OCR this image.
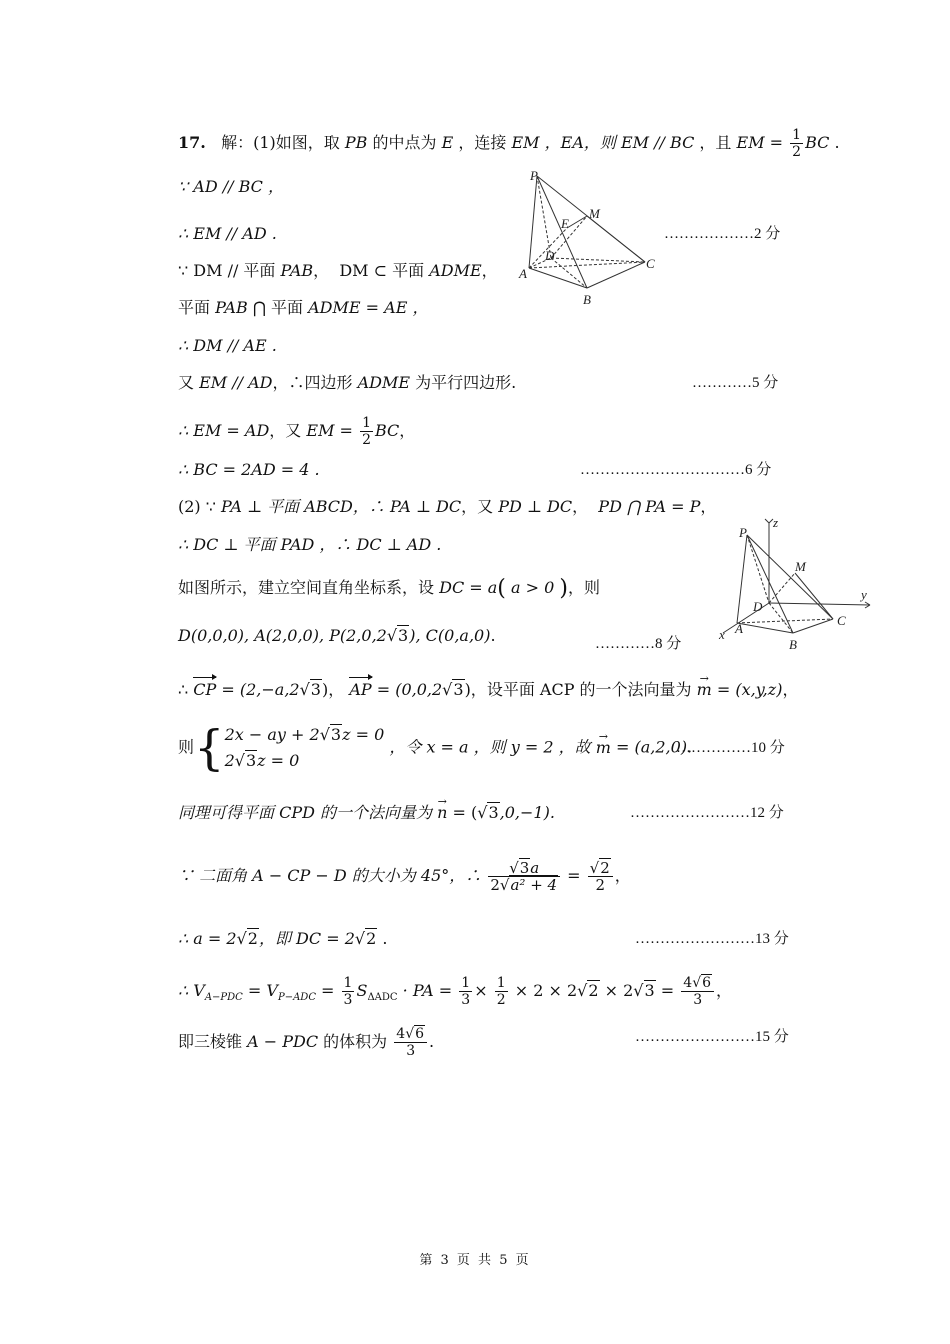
17. 解：(1)如图，取 PB 的中点为 E ，连接 EM ，EA，则 EM // BC ，且 EM = $\frac{1}{2}$ BC .
∵ AD // BC ，
∴ EM // AD .	………………2 分
∵ DM // 平面 PAB， DM ⊂ 平面 ADME，
平面 PAB ⋂ 平面 ADME = AE ，
∴ DM // AE .
又 EM // AD，∴四边形 ADME 为平行四边形.	…………5 分
∴ EM = AD，又 EM = $\frac{1}{2}$ BC，
∴ BC = 2AD = 4 .	……………………………6 分
P
M
E
D
A
C
B
(2) ∵ PA ⊥ 平面 ABCD，∴ PA ⊥ DC，又 PD ⊥ DC， PD ⋂ PA = P，
∴ DC ⊥ 平面 PAD ，∴ DC ⊥ AD .
如图所示，建立空间直角坐标系，设 DC = a( a > 0 )，则
D(0,0,0), A(2,0,0), P(2,0,2√3), C(0,a,0).	…………8 分
∴ CP = (2,−a,2√3)， AP = (0,0,2√3)，设平面 ACP 的一个法向量为 → m = (x,y,z)，
则{ 2x − ay + 2√3z = 0
2√3z = 0
，令 x = a ，则 y = 2 ，故 → m = (a,2,0).
……………10 分
同理可得平面 CPD 的一个法向量为 → n = (√3,0,−1).	……………………12 分
∵ 二面角 A − CP − D 的大小为 45°，∴ $\frac{√3a}{\text{2√a² + 4}} = \frac{√2}{2}$ ，
∴ a = 2√2，即 DC = 2√2 .	……………………13 分
∴ $V_{A-PDC} = V_{P-ADC} = \frac{1}{3} S_{\Delta ADC}$ · PA = $\frac{1}{3} \times \frac{1}{2} \times 2 \times 2√2 \times 2√3 = \frac{4√6}{3}$ ，
即三棱锥 A − PDC 的体积为 $\frac{4√6}{3}$ .	……………………15 分
P
z
M
D
y
A
x
C
B
第 3 页 共 5 页
